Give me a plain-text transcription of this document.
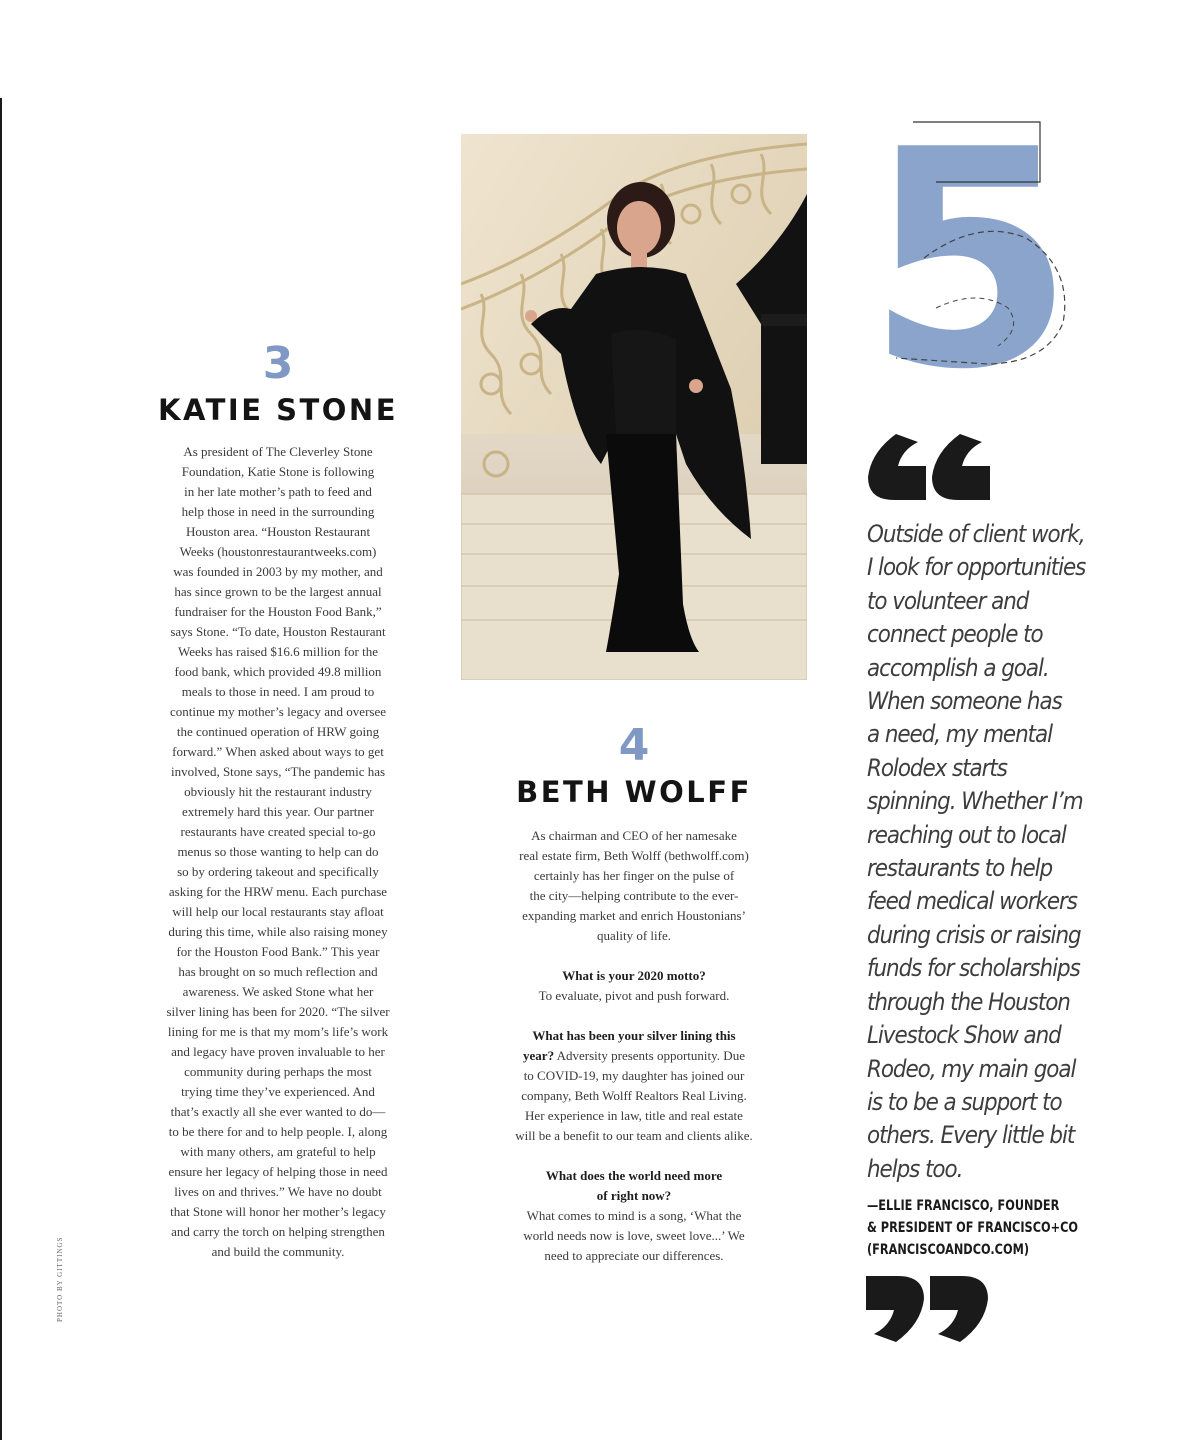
PHOTO BY GITTINGS
3
KATIE STONE
As president of The Cleverley Stone
Foundation, Katie Stone is following
in her late mother’s path to feed and
help those in need in the surrounding
Houston area. “Houston Restaurant
Weeks (houstonrestaurantweeks.com)
was founded in 2003 by my mother, and
has since grown to be the largest annual
fundraiser for the Houston Food Bank,”
says Stone. “To date, Houston Restaurant
Weeks has raised $16.6 million for the
food bank, which provided 49.8 million
meals to those in need. I am proud to
continue my mother’s legacy and oversee
the continued operation of HRW going
forward.” When asked about ways to get
involved, Stone says, “The pandemic has
obviously hit the restaurant industry
extremely hard this year. Our partner
restaurants have created special to-go
menus so those wanting to help can do
so by ordering takeout and specifically
asking for the HRW menu. Each purchase
will help our local restaurants stay afloat
during this time, while also raising money
for the Houston Food Bank.” This year
has brought on so much reflection and
awareness. We asked Stone what her
silver lining has been for 2020. “The silver
lining for me is that my mom’s life’s work
and legacy have proven invaluable to her
community during perhaps the most
trying time they’ve experienced. And
that’s exactly all she ever wanted to do—
to be there for and to help people. I, along
with many others, am grateful to help
ensure her legacy of helping those in need
lives on and thrives.” We have no doubt
that Stone will honor her mother’s legacy
and carry the torch on helping strengthen
and build the community.
4
BETH WOLFF
As chairman and CEO of her namesake
real estate firm, Beth Wolff (bethwolff.com)
certainly has her finger on the pulse of
the city—helping contribute to the ever-
expanding market and enrich Houstonians’
quality of life.
What is your 2020 motto?
To evaluate, pivot and push forward.
What has been your silver lining this
year? Adversity presents opportunity. Due
to COVID-19, my daughter has joined our
company, Beth Wolff Realtors Real Living.
Her experience in law, title and real estate
will be a benefit to our team and clients alike.
What does the world need more
of right now?
What comes to mind is a song, ‘What the
world needs now is love, sweet love...’ We
need to appreciate our differences.
5
Outside of client work,
I look for opportunities
to volunteer and
connect people to
accomplish a goal.
When someone has
a need, my mental
Rolodex starts
spinning. Whether I’m
reaching out to local
restaurants to help
feed medical workers
during crisis or raising
funds for scholarships
through the Houston
Livestock Show and
Rodeo, my main goal
is to be a support to
others. Every little bit
helps too.
—ELLIE FRANCISCO, FOUNDER
& PRESIDENT OF FRANCISCO+CO
(FRANCISCOANDCO.COM)
